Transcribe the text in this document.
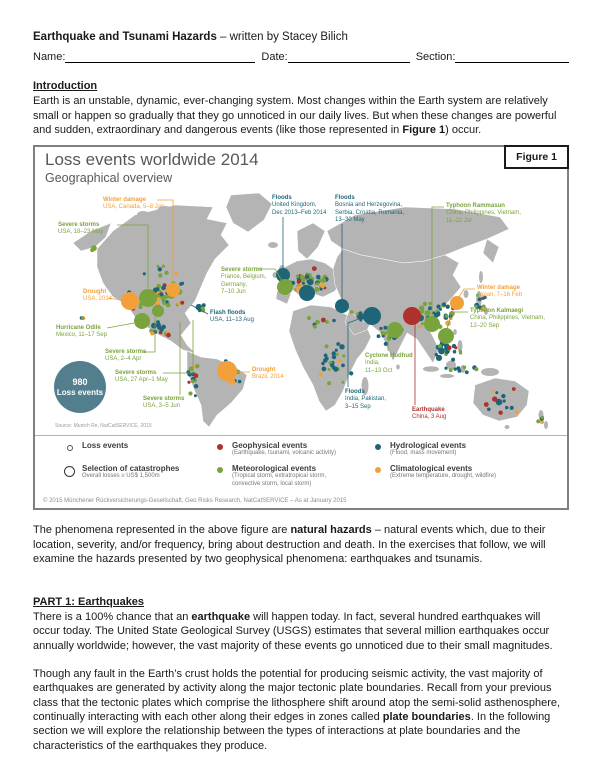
Earthquake and Tsunami Hazards – written by Stacey Bilich
Name:	Date:	Section:
Introduction

Earth is an unstable, dynamic, ever-changing system. Most changes within the Earth system are relatively small or happen so gradually that they go unnoticed in our daily lives. But when these changes are powerful and sudden, extraordinary and dangerous events (like those represented in Figure 1) occur.

Figure 1
Loss events worldwide 2014
Geographical overview
980
Loss events
Source: Munich Re, NatCatSERVICE, 2015
Winter damage
USA, Canada, 5–8 Jan
Severe storms
USA, 18–23 May
Floods
United Kingdom,
Dec 2013–Feb 2014
Floods
Bosnia and Herzegovina,
Serbia, Croatia, Romania,
13–30 May
Typhoon Rammasun
China, Philippines, Vietnam,
11–22 Jul
Severe storms
France, Belgium,
Germany,
7–10 Jun
Drought
USA, 2014
Flash floods
USA, 11–13 Aug
Hurricane Odile
Mexico, 11–17 Sep
Severe storms
USA, 2–4 Apr
Severe storms
USA, 27 Apr–1 May
Severe storms
USA, 3–5 Jun
Drought
Brazil, 2014
Cyclone Hudhud
India,
11–13 Oct
Floods
India, Pakistan,
3–15 Sep
Earthquake
China, 3 Aug
Winter damage
Japan, 7–16 Feb
Typhoon Kalmaegi
China, Philippines, Vietnam,
12–20 Sep
Loss events
Selection of catastrophes
Overall losses ≥ US$ 1,500m
Geophysical events
(Earthquake, tsunami, volcanic activity)
Meteorological events
(Tropical storm, extratropical storm, convective storm, local storm)
Hydrological events
(Flood, mass movement)
Climatological events
(Extreme temperature, drought, wildfire)
© 2015 Münchener Rückversicherungs-Gesellschaft, Geo Risks Research, NatCatSERVICE – As at January 2015

The phenomena represented in the above figure are natural hazards – natural events which, due to their location, severity, and/or frequency, bring about destruction and death. In the exercises that follow, we will examine the hazards presented by two geophysical phenomena: earthquakes and tsunamis.

PART 1: Earthquakes

There is a 100% chance that an earthquake will happen today. In fact, several hundred earthquakes will occur today. The United State Geological Survey (USGS) estimates that several million earthquakes occur annually worldwide; however, the vast majority of these events go unnoticed due to their small magnitudes.

Though any fault in the Earth’s crust holds the potential for producing seismic activity, the vast majority of earthquakes are generated by activity along the major tectonic plate boundaries. Recall from your previous class that the tectonic plates which comprise the lithosphere shift around atop the semi-solid asthenosphere, continually interacting with each other along their edges in zones called plate boundaries. In the following section we will explore the relationship between the types of interactions at plate boundaries and the characteristics of the earthquakes they produce.
